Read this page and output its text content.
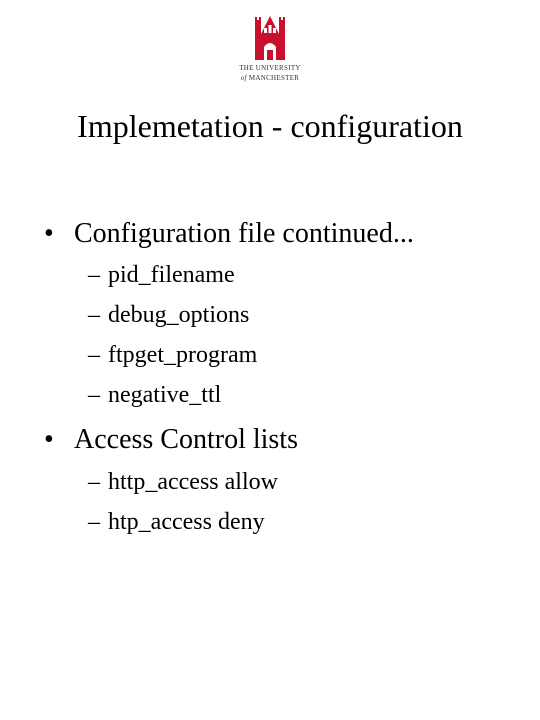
THE UNIVERSITY
of MANCHESTER
Implemetation - configuration
• Configuration file continued...
– pid_filename
– debug_options
– ftpget_program
– negative_ttl
• Access Control lists
– http_access allow
– htp_access deny
